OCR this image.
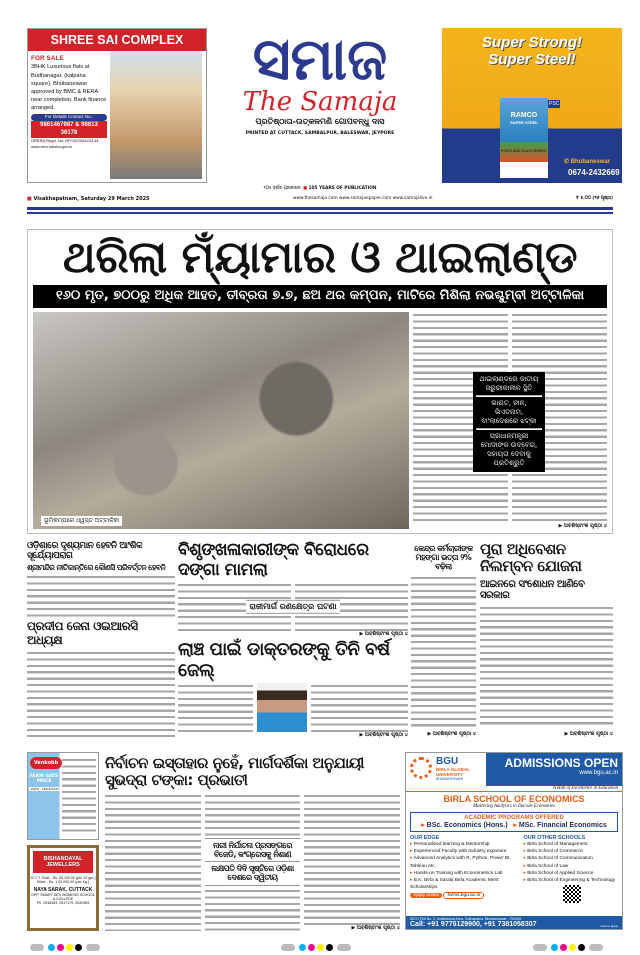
SHREE SAI COMPLEX
FOR SALE
3BHK Luxurious flats at Budhanagar, (kalpana square), Bhubaneswar approved by BMC & RERA near completion. Bank finance arranged.
For Details Contact No.:
9861467987 & 98613 36178
ORERA Regd. No. RP/19/2024/01144
www.rera.odisha.gov.in
ସମାଜ
The Samaja
ପ୍ରତିଷ୍ଠାତା-ଉତ୍କଳମଣି ଗୋପବନ୍ଧୁ ଦାସ
PRINTED AT CUTTACK, SAMBALPUR, BALESWAR, JEYPORE
Super Strong!
Super Steel!
RAMCO
SUPER STEEL

PORTLAND SLAG CEMENT
PSC
✆ Bhubaneswar
0674-2432669
୧୦୫ ବର୍ଷର ପ୍ରକାଶନ ■ 105 YEARS OF PUBLICATION
■ Visakhapatnam, Saturday 29 March 2025	www.thesamaja.com www.samajaepaper.com www.samajalive.in	₹ ୫.୦୦ (୧୬ ପୃଷ୍ଠା)
ଥରିଲା ମ୍ୟାଁମାର ଓ ଥାଇଲାଣ୍ଡ
୧୬୦ ମୃତ, ୭୦୦ରୁ ଅଧିକ ଆହତ, ତୀବ୍ରତା ୭.୭, ଛଅ ଥର କମ୍ପନ, ମାଟିରେ ମିଶିଲା ନଭଶ୍ଚୁମ୍ବୀ ଅଟ୍ଟାଳିକା
ଭୂମିକମ୍ପରେ ଧ୍ୱସ୍ତ ଅଟ୍ଟାଳିକା
ଥାଇଲାଣ୍ଡରେ ଜାତୀୟ ଜରୁରୀକାଳୀନ ସ୍ଥିତି
ଭାରତ, ଚୀନ, ଭିଏତନାମ, ବାଂଲାଦେଶରେ ଝଟ୍‌କା
ପ୍ରଧାନମନ୍ତ୍ରୀ ମୋଦୀଙ୍କ ଉଦ୍‌ବେଗ, ସହାୟତା ଦେବାକୁ ପ୍ରତିଶ୍ରୁତି
▶ ଅବଶିଷ୍ଟାଂଶ ପୃଷ୍ଠା ୪
ଓଡ଼ିଶାରେ ଦୃଶ୍ୟମାନ ହେବନି ଆଂଶିକ ସୂର୍ଯ୍ୟୋପରାଗ
ଶ୍ରୀମନ୍ଦିର ନୀତିକାନ୍ତିରେ କୌଣସି ପରିବର୍ତ୍ତନ ହେବନି
ପ୍ରଦୀପ ଜେନା ଓଇଆରସି ଅଧ୍ୟକ୍ଷ
ବିଶୃଙ୍ଖଳାକାରୀଙ୍କ ବିରୋଧରେ ଦଙ୍ଗା ମାମଲା
ରାଜୀମାର୍ଗ ରଣକ୍ଷେତ୍ର ଘଟଣା
▶ ଅବଶିଷ୍ଟାଂଶ ପୃଷ୍ଠା ୪
ଲାଞ୍ଚ ପାଇଁ ଡାକ୍ତରଙ୍କୁ ତିନି ବର୍ଷ ଜେଲ୍
▶ ଅବଶିଷ୍ଟାଂଶ ପୃଷ୍ଠା ୪
କେନ୍ଦ୍ର କର୍ମଚାରୀଙ୍କ ମହଙ୍ଗା ଭତ୍ତା ୨% ବଢ଼ିଲା
▶ ଅବଶିଷ୍ଟାଂଶ ପୃଷ୍ଠା ୪
ପୂରା ଅଧିବେଶନ ନିଲମ୍ବନ ଯୋଜନା
ଆଇନରେ ସଂଶୋଧନ ଆଣିବେ ସରକାର
▶ ଅବଶିଷ୍ଟାଂଶ ପୃଷ୍ଠା ୪
Venkobb
FARM GATE PRICE
DATE : 28/03/2025
BISHANDAYAL JEWELLERS
22 CT. Gold - Rs. 83,100.00 (per 10 gm.)
Silver - Rs. 1,00,000.00 (per Kg.)
NAYA SARAK, CUTTACK
OPP. SMART DEV WOMENS SCHOOL & COLLEGE
Ph. 2518463, 2517179, 2532983
ନିର୍ବାଚନ ଇସ୍ତାହାର ନୁହେଁ, ମାର୍ଗଦର୍ଶିକା ଅନୁଯାୟୀ ସୁଭଦ୍ରା ଟଙ୍କା: ପ୍ରଭାତୀ
ନାରୀ ନିର୍ଯାତନା ପ୍ରସଙ୍ଗରେ ବିଜେଡି, କଂଗ୍ରେସକୁ ନିଶାଣ
ଲକ୍ଷପତି ଦିଦି ସୃଷ୍ଟିରେ ଓଡ଼ିଶା ଦେଶରେ ଦ୍ୱିତୀୟ
▶ ଅବଶିଷ୍ଟାଂଶ ପୃଷ୍ଠା ୪
BGU
BIRLA GLOBAL
UNIVERSITY
BHUBANESWAR
ADMISSIONS OPEN
www.bgu.ac.in
A Hub of Excellence in Education
BIRLA SCHOOL OF ECONOMICS
Mastering Analytics to Decode Economies
ACADEMIC PROGRAMS OFFERED
▸ BSc. Economics (Hons.) ▸ MSc. Financial Economics
OUR EDGE
▸ Personalized learning & Mentorship
▸ Experienced Faculty with Industry exposure
▸ Advanced Analytics with R, Python, Power BI, Tableau etc.
▸ Hands-on Training with Econometrics Lab
▸ B.K. Birla & Sarala Birla Academic Merit Scholarships
Apply online forms.bgu.ac.in
OUR OTHER SCHOOLS
▸ Birla School of Management
▸ Birla School of Commerce
▸ Birla School of Communication
▸ Birla School of Law
▸ Birla School of Applied Science
▸ Birla School of Engineering & Technology
IDCO Plot No. 2, Institutional Area, Gothapatna, Bhubaneswar - 751029
Call: +91 9776129900, +91 7381058307	scan to apply
